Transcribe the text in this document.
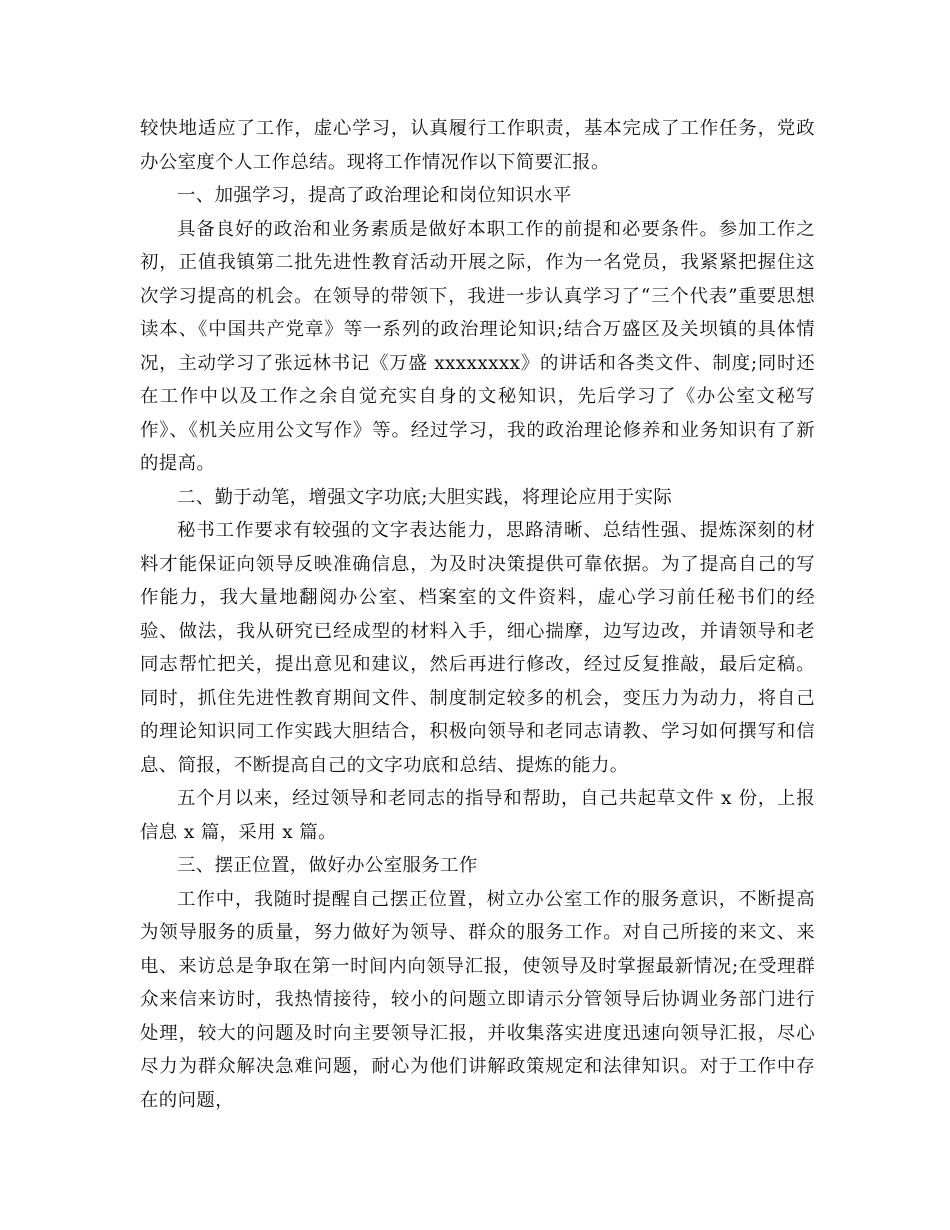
较快地适应了工作，虚心学习，认真履行工作职责，基本完成了工作任务，党政办公室度个人工作总结。现将工作情况作以下简要汇报。

一、加强学习，提高了政治理论和岗位知识水平

具备良好的政治和业务素质是做好本职工作的前提和必要条件。参加工作之初，正值我镇第二批先进性教育活动开展之际，作为一名党员，我紧紧把握住这次学习提高的机会。在领导的带领下，我进一步认真学习了“三个代表”重要思想读本、《中国共产党章》等一系列的政治理论知识;结合万盛区及关坝镇的具体情况，主动学习了张远林书记《万盛 xxxxxxxx》的讲话和各类文件、制度;同时还在工作中以及工作之余自觉充实自身的文秘知识，先后学习了《办公室文秘写作》、《机关应用公文写作》等。经过学习，我的政治理论修养和业务知识有了新的提高。

二、勤于动笔，增强文字功底;大胆实践，将理论应用于实际

秘书工作要求有较强的文字表达能力，思路清晰、总结性强、提炼深刻的材料才能保证向领导反映准确信息，为及时决策提供可靠依据。为了提高自己的写作能力，我大量地翻阅办公室、档案室的文件资料，虚心学习前任秘书们的经验、做法，我从研究已经成型的材料入手，细心揣摩，边写边改，并请领导和老同志帮忙把关，提出意见和建议，然后再进行修改，经过反复推敲，最后定稿。同时，抓住先进性教育期间文件、制度制定较多的机会，变压力为动力，将自己的理论知识同工作实践大胆结合，积极向领导和老同志请教、学习如何撰写和信息、简报，不断提高自己的文字功底和总结、提炼的能力。

五个月以来，经过领导和老同志的指导和帮助，自己共起草文件 x 份，上报信息 x 篇，采用 x 篇。

三、摆正位置，做好办公室服务工作

工作中，我随时提醒自己摆正位置，树立办公室工作的服务意识，不断提高为领导服务的质量，努力做好为领导、群众的服务工作。对自己所接的来文、来电、来访总是争取在第一时间内向领导汇报，使领导及时掌握最新情况;在受理群众来信来访时，我热情接待，较小的问题立即请示分管领导后协调业务部门进行处理，较大的问题及时向主要领导汇报，并收集落实进度迅速向领导汇报，尽心尽力为群众解决急难问题，耐心为他们讲解政策规定和法律知识。对于工作中存在的问题，
